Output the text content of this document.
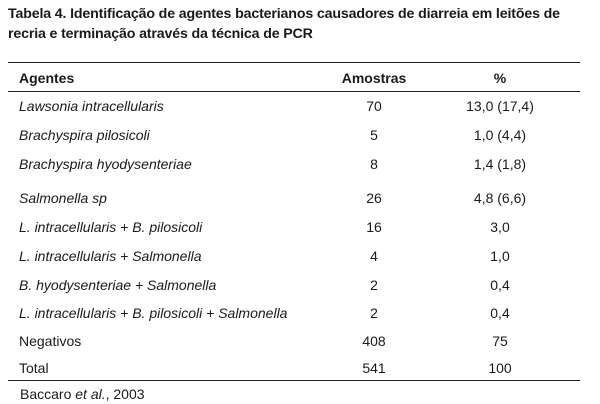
Tabela 4. Identificação de agentes bacterianos causadores de diarreia em leitões de recria e terminação através da técnica de PCR
Agentes	Amostras	%
Lawsonia intracellularis	70	13,0 (17,4)
Brachyspira pilosicoli	5	1,0 (4,4)
Brachyspira hyodysenteriae	8	1,4 (1,8)
Salmonella sp	26	4,8 (6,6)
L. intracellularis + B. pilosicoli	16	3,0
L. intracellularis + Salmonella	4	1,0
B. hyodysenteriae + Salmonella	2	0,4
L. intracellularis + B. pilosicoli + Salmonella	2	0,4
Negativos	408	75
Total	541	100
Baccaro et al., 2003
